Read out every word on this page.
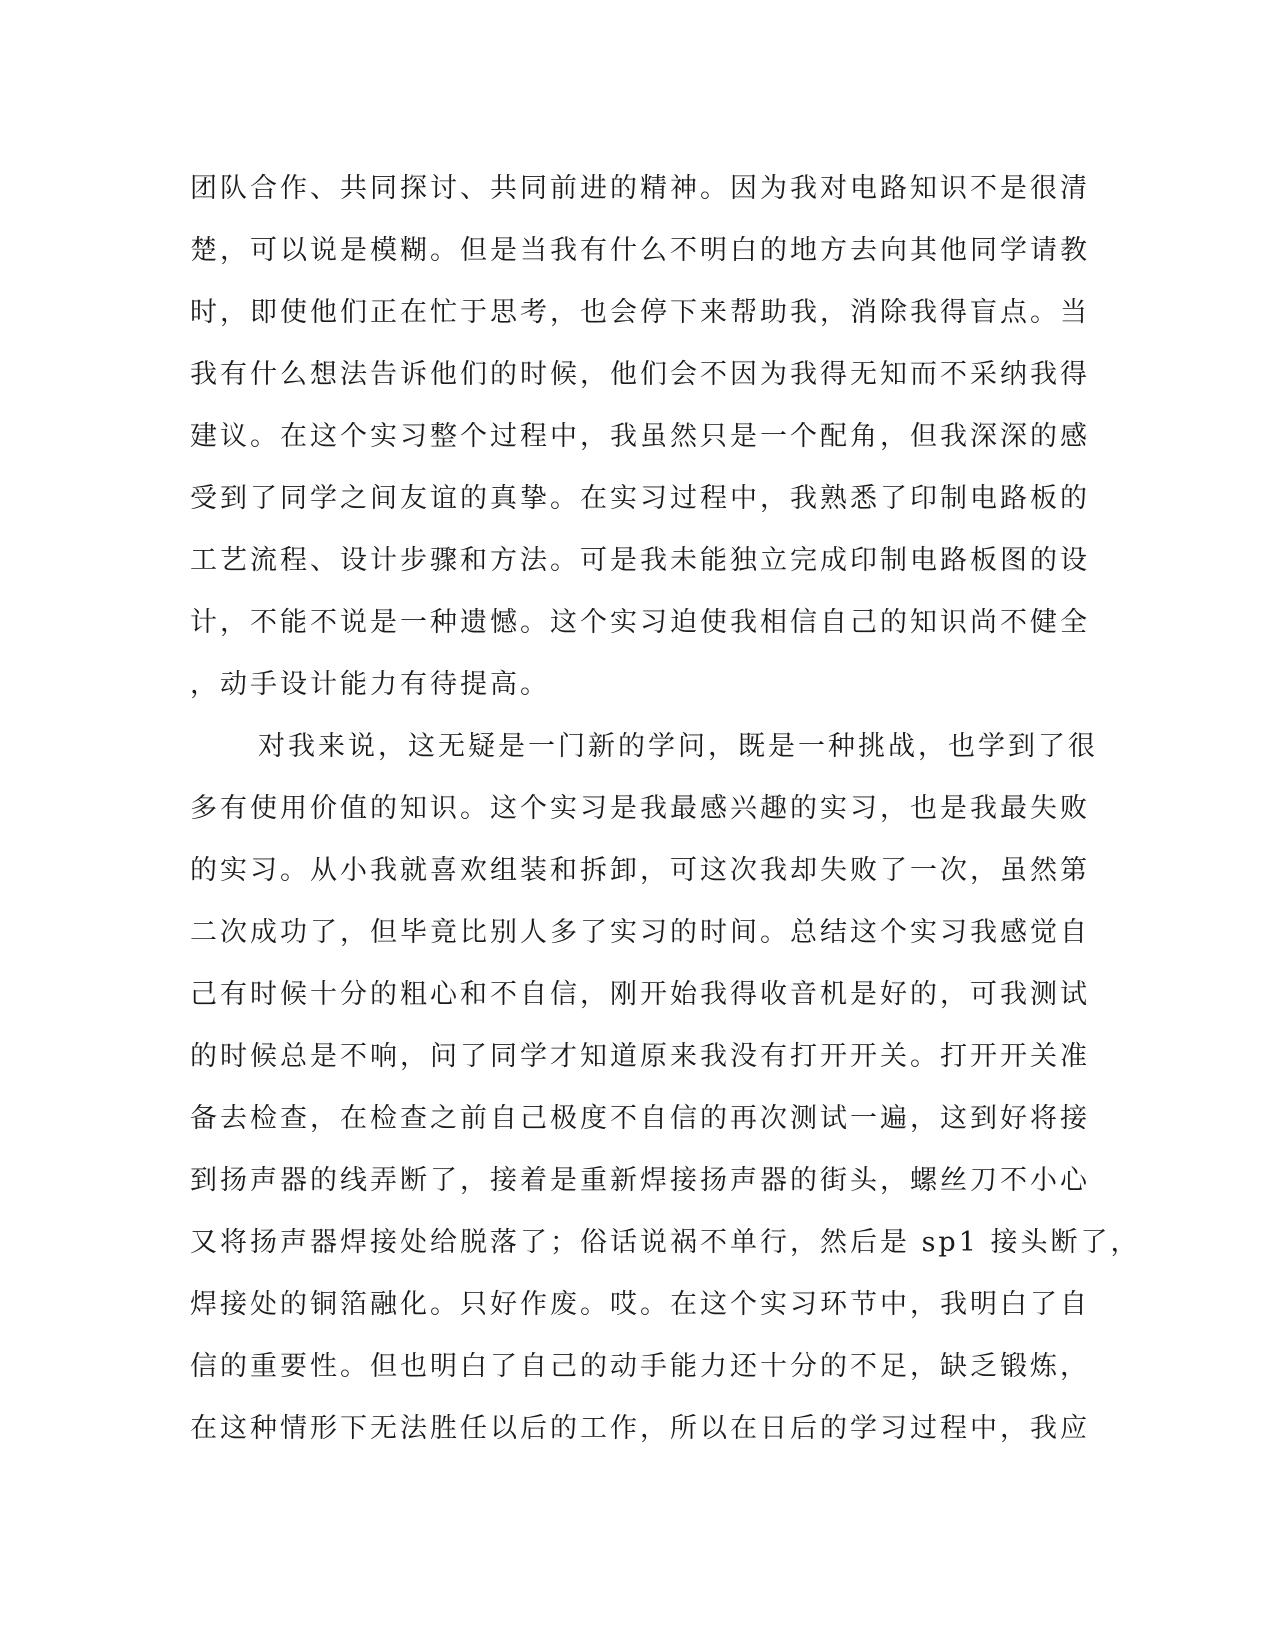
团队合作、共同探讨、共同前进的精神。因为我对电路知识不是很清
楚，可以说是模糊。但是当我有什么不明白的地方去向其他同学请教
时，即使他们正在忙于思考，也会停下来帮助我，消除我得盲点。当
我有什么想法告诉他们的时候，他们会不因为我得无知而不采纳我得
建议。在这个实习整个过程中，我虽然只是一个配角，但我深深的感
受到了同学之间友谊的真挚。在实习过程中，我熟悉了印制电路板的
工艺流程、设计步骤和方法。可是我未能独立完成印制电路板图的设
计，不能不说是一种遗憾。这个实习迫使我相信自己的知识尚不健全
，动手设计能力有待提高。
对我来说，这无疑是一门新的学问，既是一种挑战，也学到了很
多有使用价值的知识。这个实习是我最感兴趣的实习，也是我最失败
的实习。从小我就喜欢组装和拆卸，可这次我却失败了一次，虽然第
二次成功了，但毕竟比别人多了实习的时间。总结这个实习我感觉自
己有时候十分的粗心和不自信，刚开始我得收音机是好的，可我测试
的时候总是不响，问了同学才知道原来我没有打开开关。打开开关准
备去检查，在检查之前自己极度不自信的再次测试一遍，这到好将接
到扬声器的线弄断了，接着是重新焊接扬声器的街头，螺丝刀不小心
又将扬声器焊接处给脱落了；俗话说祸不单行，然后是 sp1 接头断了，
焊接处的铜箔融化。只好作废。哎。在这个实习环节中，我明白了自
信的重要性。但也明白了自己的动手能力还十分的不足，缺乏锻炼，
在这种情形下无法胜任以后的工作，所以在日后的学习过程中，我应
